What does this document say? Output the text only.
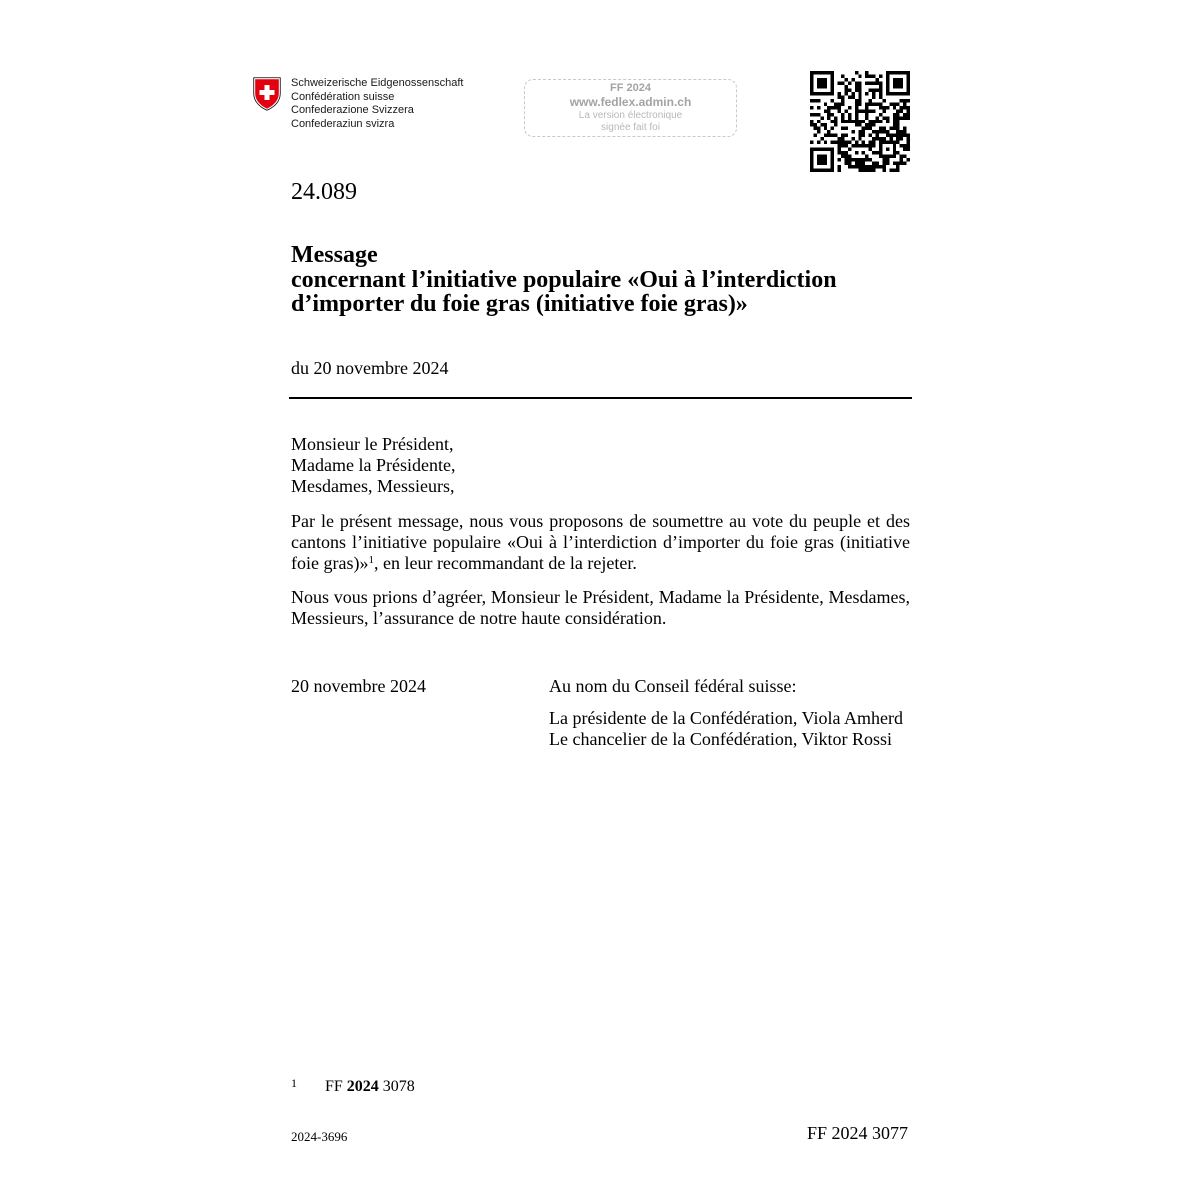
Schweizerische Eidgenossenschaft
Confédération suisse
Confederazione Svizzera
Confederaziun svizra
FF 2024
www.fedlex.admin.ch
La version électronique
signée fait foi
24.089
Message
concernant l’initiative populaire «Oui à l’interdiction
d’importer du foie gras (initiative foie gras)»
du 20 novembre 2024
Monsieur le Président,
Madame la Présidente,
Mesdames, Messieurs,
Par le présent message, nous vous proposons de soumettre au vote du peuple et des
cantons l’initiative populaire «Oui à l’interdiction d’importer du foie gras (initiative
foie gras)»$^1$, en leur recommandant de la rejeter.
Nous vous prions d’agréer, Monsieur le Président, Madame la Présidente, Mesdames,
Messieurs, l’assurance de notre haute considération.
20 novembre 2024	Au nom du Conseil fédéral suisse:
La présidente de la Confédération, Viola Amherd
Le chancelier de la Confédération, Viktor Rossi
1 FF 2024 3078
2024-3696	FF 2024 3077
